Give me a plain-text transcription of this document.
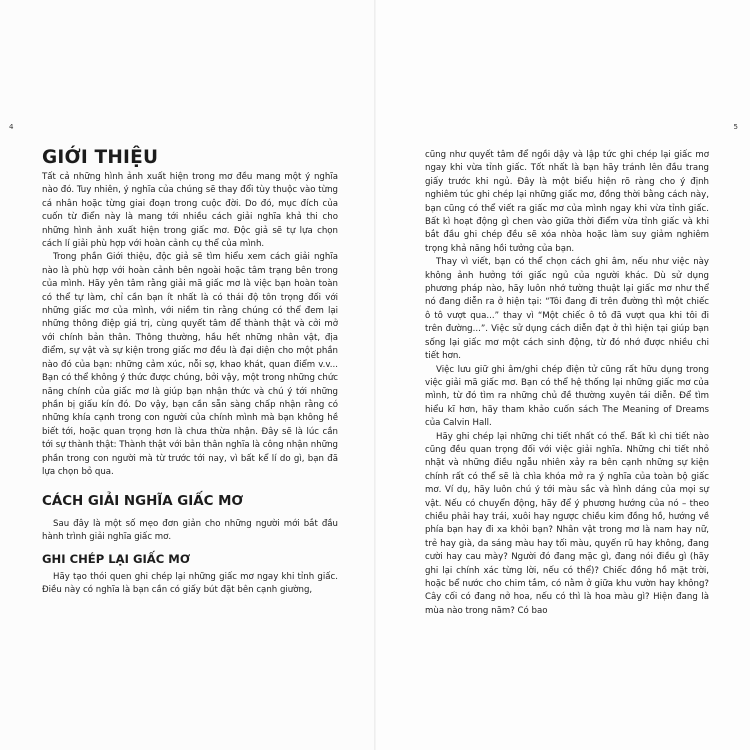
4
GIỚI THIỆU

Tất cả những hình ảnh xuất hiện trong mơ đều mang một ý nghĩa nào đó. Tuy nhiên, ý nghĩa của chúng sẽ thay đổi tùy thuộc vào từng cá nhân hoặc từng giai đoạn trong cuộc đời. Do đó, mục đích của cuốn từ điển này là mang tới nhiều cách giải nghĩa khả thi cho những hình ảnh xuất hiện trong giấc mơ. Độc giả sẽ tự lựa chọn cách lí giải phù hợp với hoàn cảnh cụ thể của mình.

Trong phần Giới thiệu, độc giả sẽ tìm hiểu xem cách giải nghĩa nào là phù hợp với hoàn cảnh bên ngoài hoặc tâm trạng bên trong của mình. Hãy yên tâm rằng giải mã giấc mơ là việc bạn hoàn toàn có thể tự làm, chỉ cần bạn ít nhất là có thái độ tôn trọng đối với những giấc mơ của mình, với niềm tin rằng chúng có thể đem lại những thông điệp giá trị, cùng quyết tâm để thành thật và cởi mở với chính bản thân. Thông thường, hầu hết những nhân vật, địa điểm, sự vật và sự kiện trong giấc mơ đều là đại diện cho một phần nào đó của bạn: những cảm xúc, nỗi sợ, khao khát, quan điểm v.v... Bạn có thể không ý thức được chúng, bởi vậy, một trong những chức năng chính của giấc mơ là giúp bạn nhận thức và chú ý tới những phần bị giấu kín đó. Do vậy, bạn cần sẵn sàng chấp nhận rằng có những khía cạnh trong con người của chính mình mà bạn không hề biết tới, hoặc quan trọng hơn là chưa thừa nhận. Đây sẽ là lúc cần tới sự thành thật: Thành thật với bản thân nghĩa là công nhận những phần trong con người mà từ trước tới nay, vì bất kể lí do gì, bạn đã lựa chọn bỏ qua.

CÁCH GIẢI NGHĨA GIẤC MƠ

Sau đây là một số mẹo đơn giản cho những người mới bắt đầu hành trình giải nghĩa giấc mơ.

GHI CHÉP LẠI GIẤC MƠ

Hãy tạo thói quen ghi chép lại những giấc mơ ngay khi tỉnh giấc. Điều này có nghĩa là bạn cần có giấy bút đặt bên cạnh giường,

5

cũng như quyết tâm để ngồi dậy và lập tức ghi chép lại giấc mơ ngay khi vừa tỉnh giấc. Tốt nhất là bạn hãy tránh lên đầu trang giấy trước khi ngủ. Đây là một biểu hiện rõ ràng cho ý định nghiêm túc ghi chép lại những giấc mơ, đồng thời bằng cách này, bạn cũng có thể viết ra giấc mơ của mình ngay khi vừa tỉnh giấc. Bất kì hoạt động gì chen vào giữa thời điểm vừa tỉnh giấc và khi bắt đầu ghi chép đều sẽ xóa nhòa hoặc làm suy giảm nghiêm trọng khả năng hồi tưởng của bạn.

Thay vì viết, bạn có thể chọn cách ghi âm, nếu như việc này không ảnh hưởng tới giấc ngủ của người khác. Dù sử dụng phương pháp nào, hãy luôn nhớ tường thuật lại giấc mơ như thể nó đang diễn ra ở hiện tại: “Tôi đang đi trên đường thì một chiếc ô tô vượt qua...” thay vì “Một chiếc ô tô đã vượt qua khi tôi đi trên đường...”. Việc sử dụng cách diễn đạt ở thì hiện tại giúp bạn sống lại giấc mơ một cách sinh động, từ đó nhớ được nhiều chi tiết hơn.

Việc lưu giữ ghi âm/ghi chép điện tử cũng rất hữu dụng trong việc giải mã giấc mơ. Bạn có thể hệ thống lại những giấc mơ của mình, từ đó tìm ra những chủ đề thường xuyên tái diễn. Để tìm hiểu kĩ hơn, hãy tham khảo cuốn sách The Meaning of Dreams của Calvin Hall.

Hãy ghi chép lại những chi tiết nhất có thể. Bất kì chi tiết nào cũng đều quan trọng đối với việc giải nghĩa. Những chi tiết nhỏ nhặt và những điều ngẫu nhiên xảy ra bên cạnh những sự kiện chính rất có thể sẽ là chìa khóa mở ra ý nghĩa của toàn bộ giấc mơ. Ví dụ, hãy luôn chú ý tới màu sắc và hình dáng của mọi sự vật. Nếu có chuyển động, hãy để ý phương hướng của nó – theo chiều phải hay trái, xuôi hay ngược chiều kim đồng hồ, hướng về phía bạn hay đi xa khỏi bạn? Nhân vật trong mơ là nam hay nữ, trẻ hay già, da sáng màu hay tối màu, quyến rũ hay không, đang cười hay cau mày? Người đó đang mặc gì, đang nói điều gì (hãy ghi lại chính xác từng lời, nếu có thể)? Chiếc đồng hồ mặt trời, hoặc bể nước cho chim tắm, có nằm ở giữa khu vườn hay không? Cây cối có đang nở hoa, nếu có thì là hoa màu gì? Hiện đang là mùa nào trong năm? Có bao
